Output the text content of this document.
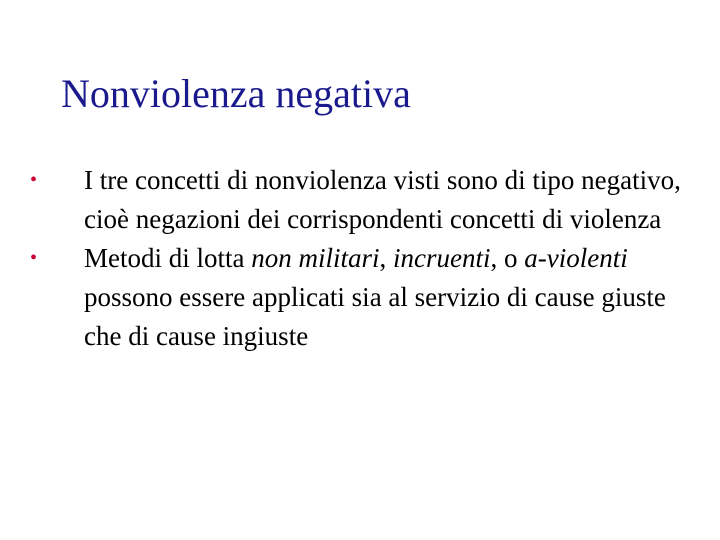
Nonviolenza negativa
•	I tre concetti di nonviolenza visti sono di tipo negativo, cioè negazioni dei corrispondenti concetti di violenza
•	Metodi di lotta non militari, incruenti, o a-violenti possono essere applicati sia al servizio di cause giuste che di cause ingiuste
